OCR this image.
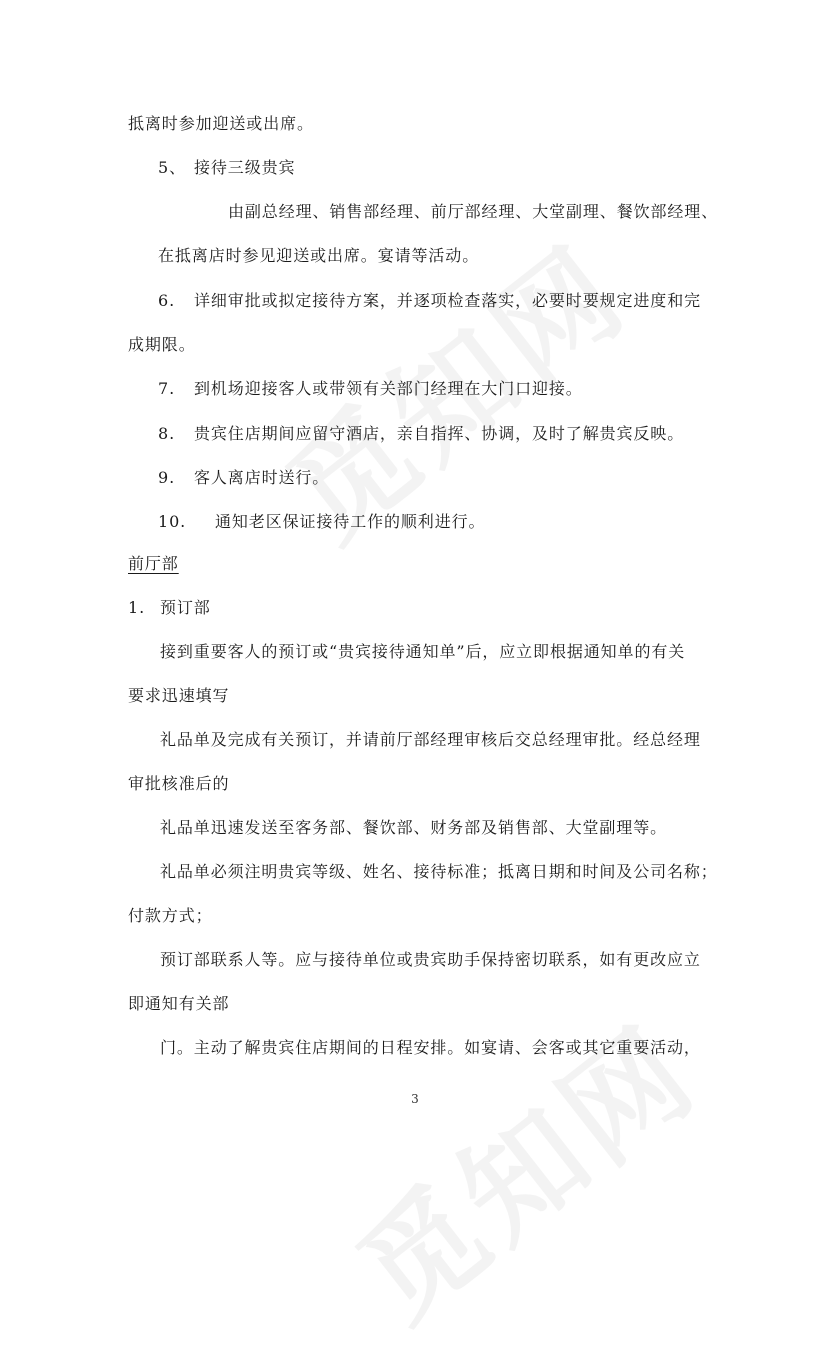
抵离时参加迎送或出席。
5、 接待三级贵宾
由副总经理、销售部经理、前厅部经理、大堂副理、餐饮部经理、
在抵离店时参见迎送或出席。宴请等活动。
6. 详细审批或拟定接待方案，并逐项检查落实，必要时要规定进度和完
成期限。
7. 到机场迎接客人或带领有关部门经理在大门口迎接。
8. 贵宾住店期间应留守酒店，亲自指挥、协调，及时了解贵宾反映。
9. 客人离店时送行。
10. 通知老区保证接待工作的顺利进行。
前厅部
1. 预订部
接到重要客人的预订或“贵宾接待通知单”后，应立即根据通知单的有关
要求迅速填写
礼品单及完成有关预订，并请前厅部经理审核后交总经理审批。经总经理
审批核准后的
礼品单迅速发送至客务部、餐饮部、财务部及销售部、大堂副理等。
礼品单必须注明贵宾等级、姓名、接待标准；抵离日期和时间及公司名称；
付款方式；
预订部联系人等。应与接待单位或贵宾助手保持密切联系，如有更改应立
即通知有关部
门。主动了解贵宾住店期间的日程安排。如宴请、会客或其它重要活动，
3
